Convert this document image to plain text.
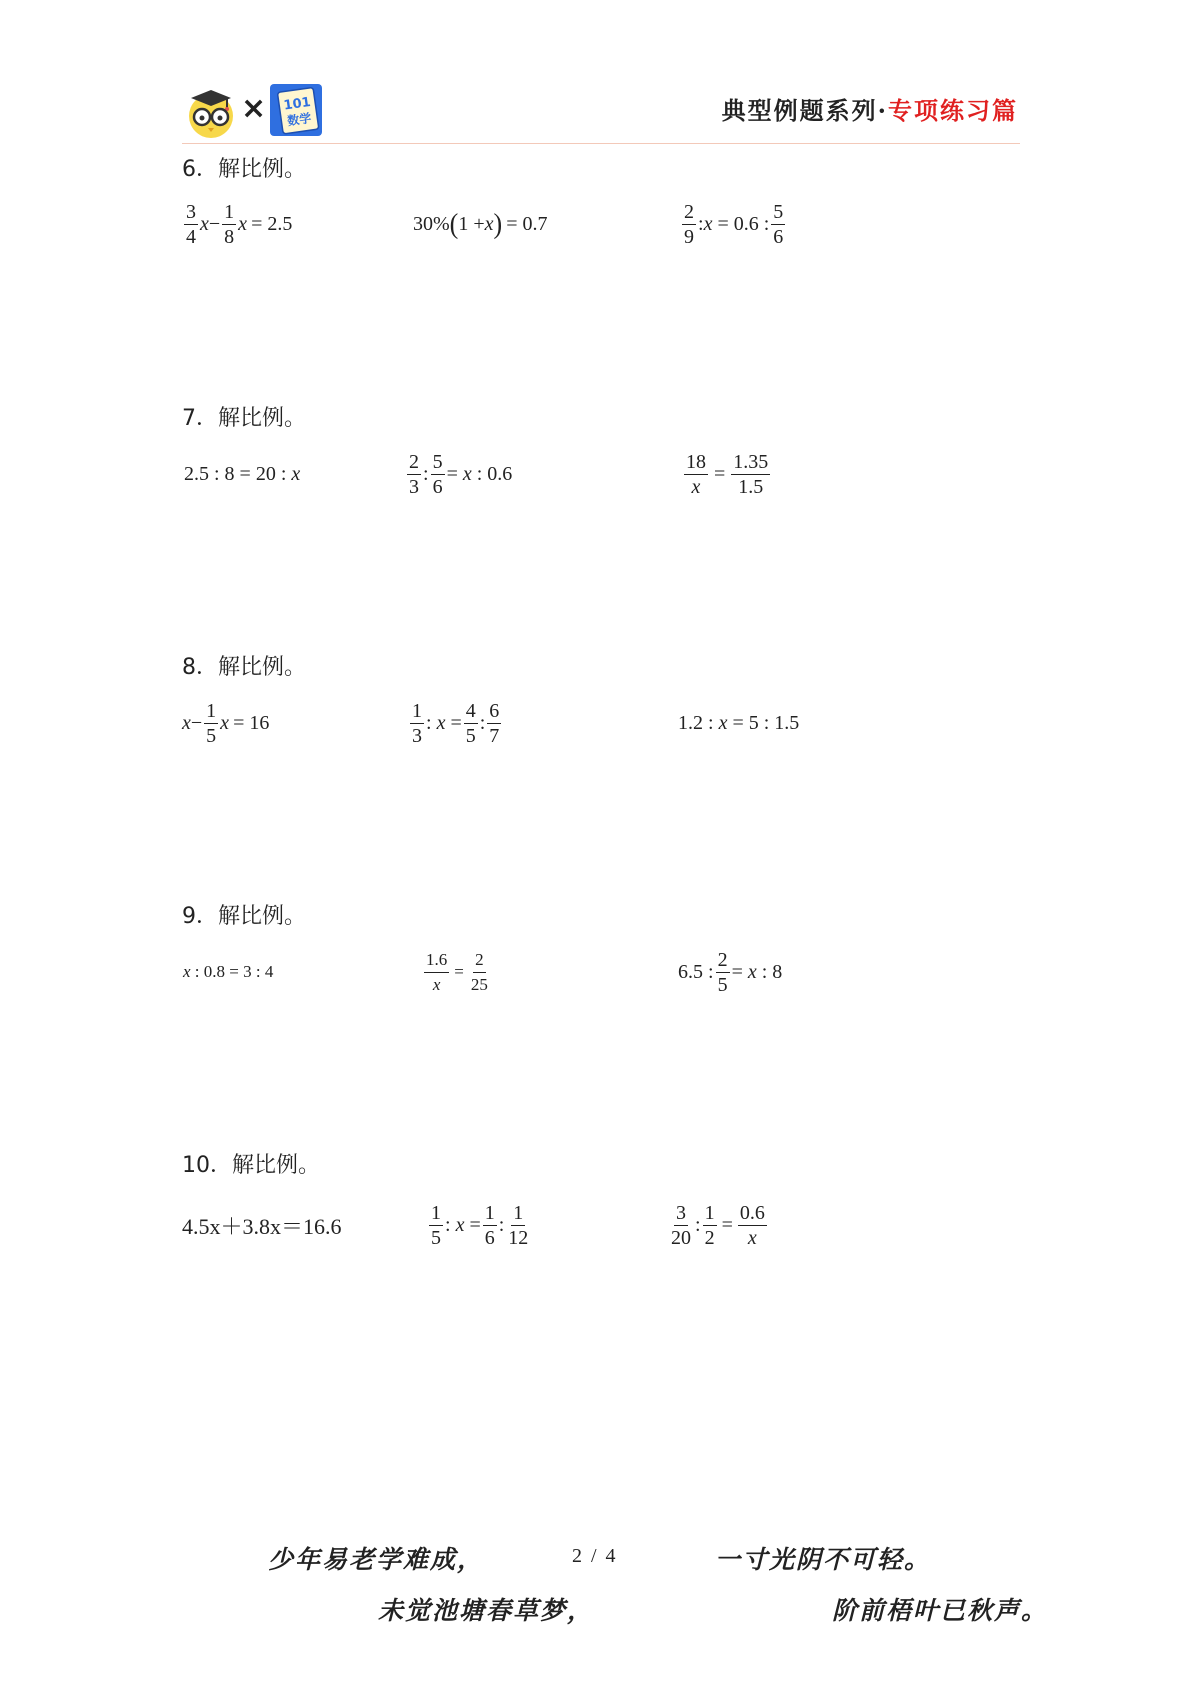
× 101
数学	典型例题系列·专项练习篇
6．解比例。
$\frac{3}{4}$ $x - \frac{1}{8}$ x = 2.5	30% ( 1 + x ) = 0.7	$\frac{2}{9}$ : x = 0.6 : $\frac{5}{6}$
7．解比例。
2.5 : 8 = 20 : x	$\frac{2}{3}$ : $\frac{5}{6} = x$ : 0.6	$\frac{18}{x} = \frac{1.35}{1.5}$
8．解比例。
$x - \frac{1}{5}$ x = 16	$\frac{1}{3}$ : $x = \frac{4}{5}$ : $\frac{6}{7}$	1.2 : x = 5 : 1.5
9．解比例。
x : 0.8 = 3 : 4	$\frac{1.6}{x} = \frac{2}{25}$	6.5 : $\frac{2}{5} = x$ : 8
10．解比例。
4.5x＋3.8x＝16.6	$\frac{1}{5}$ : $x = \frac{1}{6}$ : $\frac{1}{12}$	$\frac{3}{20}$ : $\frac{1}{2} = \frac{0.6}{x}$
少年易老学难成，	2 / 4	一寸光阴不可轻。
未觉池塘春草梦，	阶前梧叶已秋声。
